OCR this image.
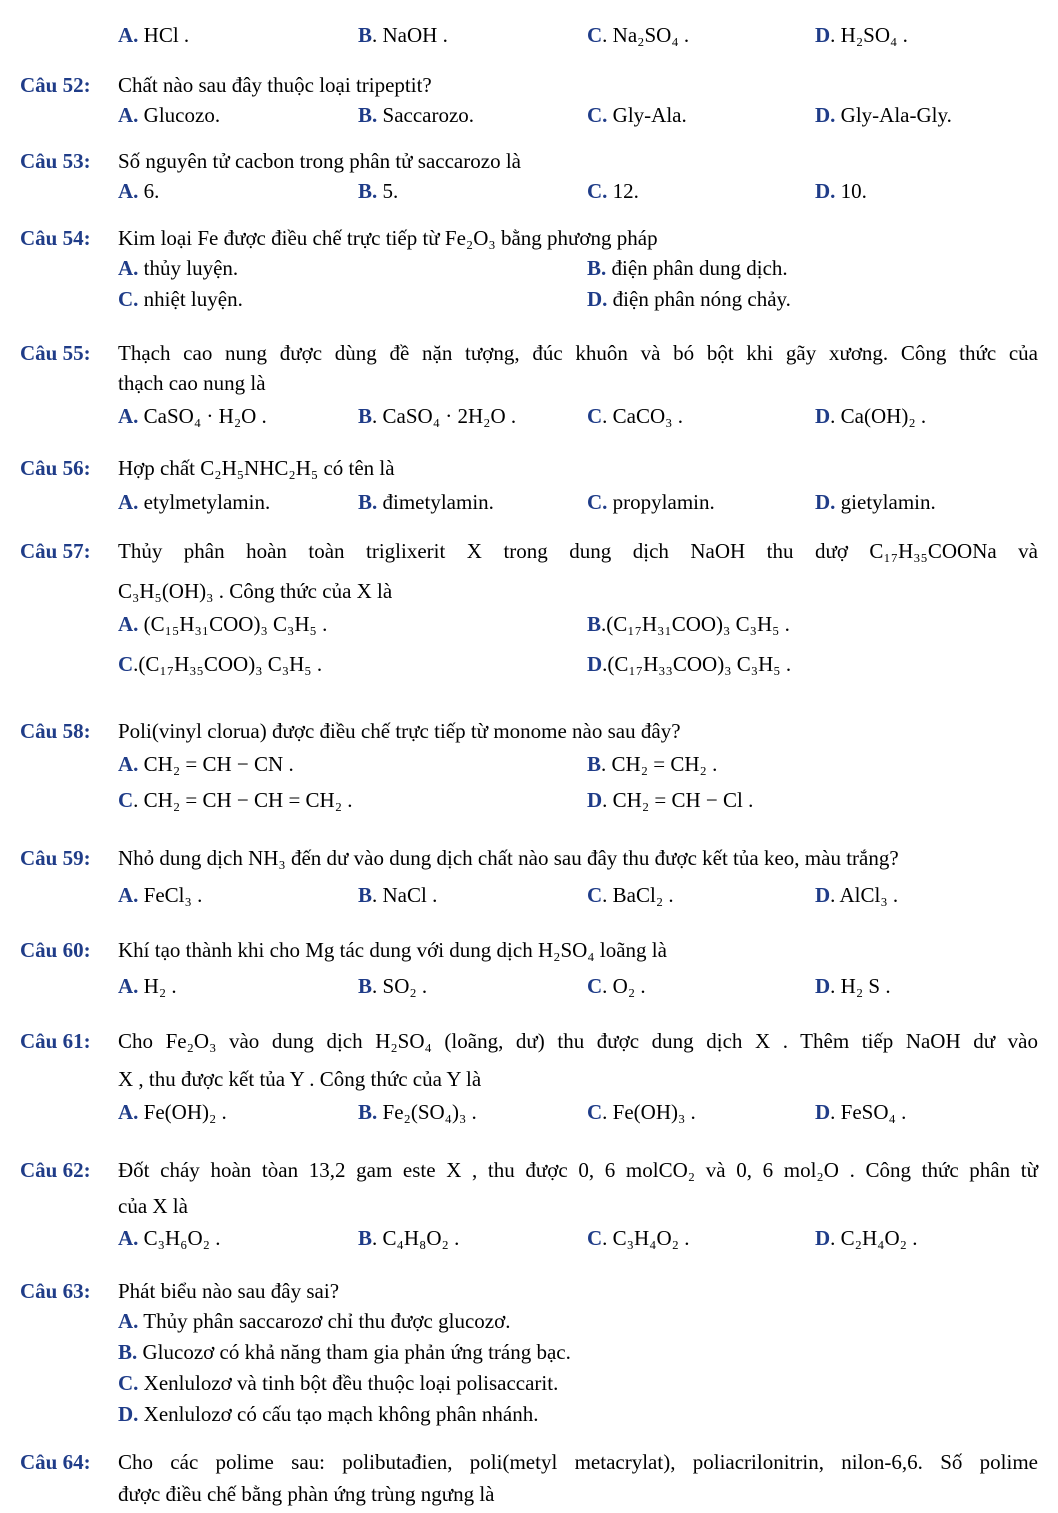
A. HCl .	B. NaOH .	C. Na₂SO₄ .	D. H₂SO₄ .
Câu 52: Chất nào sau đây thuộc loại tripeptit?
A. Glucozo.	B. Saccarozo.	C. Gly-Ala.	D. Gly-Ala-Gly.
Câu 53: Số nguyên tử cacbon trong phân tử saccarozo là
A. 6.	B. 5.	C. 12.	D. 10.
Câu 54: Kim loại Fe được điều chế trực tiếp từ Fe₂O₃ bằng phương pháp
A. thủy luyện.	B. điện phân dung dịch.
C. nhiệt luyện.	D. điện phân nóng chảy.
Câu 55: Thạch cao nung được dùng đề nặn tượng, đúc khuôn và bó bột khi gãy xương. Công thức của
thạch cao nung là
A. CaSO₄ · H₂O .	B. CaSO₄ · 2H₂O .	C. CaCO₃ .	D. Ca(OH)₂ .
Câu 56: Hợp chất C₂H₅NHC₂H₅ có tên là
A. etylmetylamin.	B. đimetylamin.	C. propylamin.	D. gietylamin.
Câu 57: Thủy phân hoàn toàn triglixerit X trong dung dịch NaOH thu dượ C₁₇H₃₅COONa và
C₃H₅(OH)₃ . Công thức của X là
A. (C₁₅H₃₁COO)₃ C₃H₅ .	B.(C₁₇H₃₁COO)₃ C₃H₅ .
C.(C₁₇H₃₅COO)₃ C₃H₅ .	D.(C₁₇H₃₃COO)₃ C₃H₅ .
Câu 58: Poli(vinyl clorua) được điều chế trực tiếp từ monome nào sau đây?
A. CH₂ = CH − CN .	B. CH₂ = CH₂ .
C. CH₂ = CH − CH = CH₂ .	D. CH₂ = CH − Cl .
Câu 59: Nhỏ dung dịch NH₃ đến dư vào dung dịch chất nào sau đây thu được kết tủa keo, màu trắng?
A. FeCl₃ .	B. NaCl .	C. BaCl₂ .	D. AlCl₃ .
Câu 60: Khí tạo thành khi cho Mg tác dung với dung dịch H₂SO₄ loãng là
A. H₂ .	B. SO₂ .	C. O₂ .	D. H₂ S .
Câu 61: Cho Fe₂O₃ vào dung dịch H₂SO₄ (loãng, dư) thu được dung dịch X . Thêm tiếp NaOH dư vào
X , thu được kết tủa Y . Công thức của Y là
A. Fe(OH)₂ .	B. Fe₂(SO₄)₃ .	C. Fe(OH)₃ .	D. FeSO₄ .
Câu 62: Đốt cháy hoàn tòan 13,2 gam este X , thu được 0, 6 molCO₂ và 0, 6 mol₂O . Công thức phân từ
của X là
A. C₃H₆O₂ .	B. C₄H₈O₂ .	C. C₃H₄O₂ .	D. C₂H₄O₂ .
Câu 63: Phát biểu nào sau đây sai?
A. Thủy phân saccarozơ chỉ thu được glucozơ.
B. Glucozơ có khả năng tham gia phản ứng tráng bạc.
C. Xenlulozơ và tinh bột đều thuộc loại polisaccarit.
D. Xenlulozơ có cấu tạo mạch không phân nhánh.
Câu 64: Cho các polime sau: polibutađien, poli(metyl metacrylat), poliacrilonitrin, nilon-6,6. Số polime
được điều chế bằng phàn ứng trùng ngưng là
